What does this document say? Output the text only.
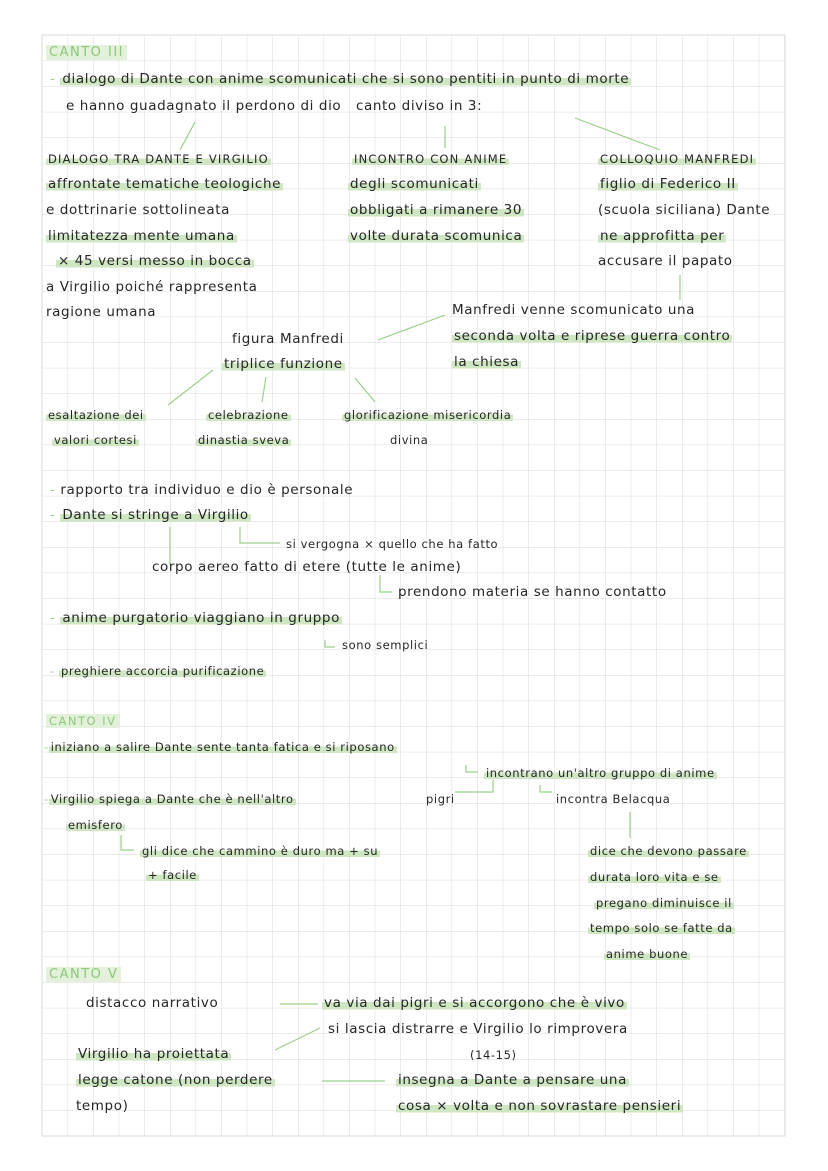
CANTO III
- dialogo di Dante con anime scomunicati che si sono pentiti in punto di morte
e hanno guadagnato il perdono di dio canto diviso in 3:
DIALOGO TRA DANTE E VIRGILIO
affrontate tematiche teologiche
e dottrinarie sottolineata
limitatezza mente umana
× 45 versi messo in bocca
a Virgilio poiché rappresenta
ragione umana
INCONTRO CON ANIME
degli scomunicati
obbligati a rimanere 30
volte durata scomunica
COLLOQUIO MANFREDI
figlio di Federico II
(scuola siciliana) Dante
ne approfitta per
accusare il papato
Manfredi venne scomunicato una
seconda volta e riprese guerra contro
la chiesa
figura Manfredi
triplice funzione
esaltazione dei
valori cortesi
celebrazione
dinastia sveva
glorificazione misericordia
divina
- rapporto tra individuo e dio è personale
- Dante si stringe a Virgilio
si vergogna × quello che ha fatto
corpo aereo fatto di etere (tutte le anime)
prendono materia se hanno contatto
- anime purgatorio viaggiano in gruppo
sono semplici
- preghiere accorcia purificazione
CANTO IV
- iniziano a salire Dante sente tanta fatica e si riposano
incontrano un'altro gruppo di anime
- Virgilio spiega a Dante che è nell'altro	pigri	incontra Belacqua
emisfero
gli dice che cammino è duro ma + su
+ facile
dice che devono passare
durata loro vita e se
pregano diminuisce il
tempo solo se fatte da
anime buone
CANTO V
distacco narrativo	va via dai pigri e si accorgono che è vivo
si lascia distrarre e Virgilio lo rimprovera
(14-15)
Virgilio ha proiettata
legge catone (non perdere
tempo)
insegna a Dante a pensare una
cosa × volta e non sovrastare pensieri
